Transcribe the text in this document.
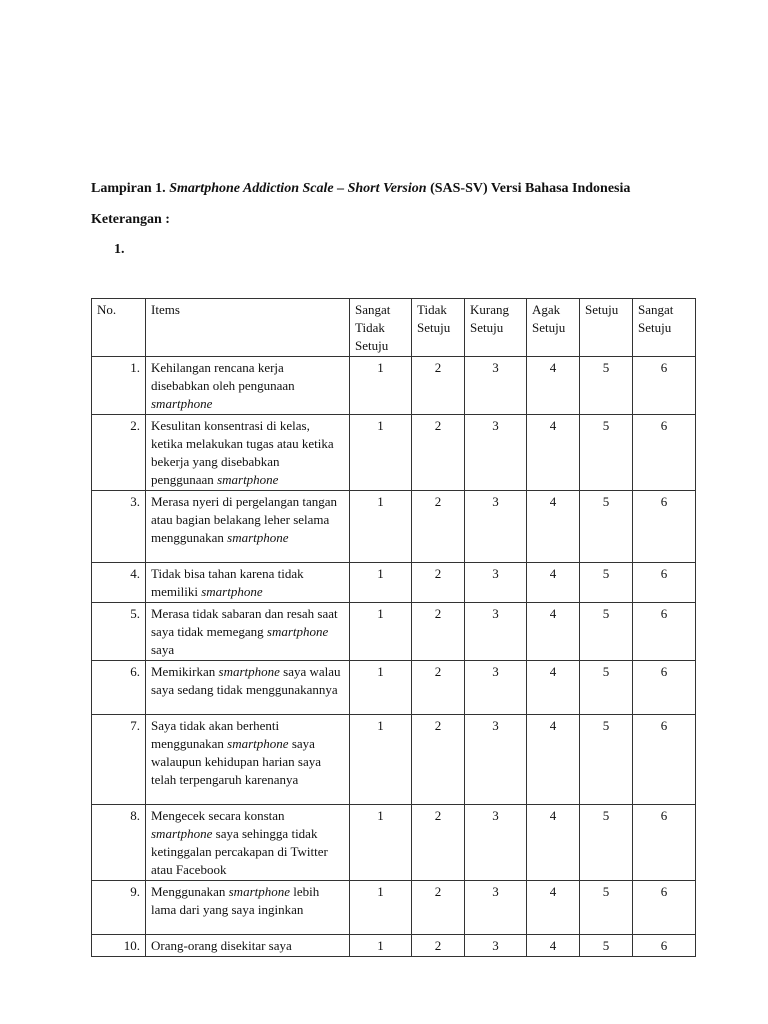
Lampiran 1. Smartphone Addiction Scale – Short Version (SAS-SV) Versi Bahasa Indonesia
Keterangan :
1.
No.	Items	Sangat Tidak Setuju	Tidak Setuju	Kurang Setuju	Agak Setuju	Setuju	Sangat Setuju
1.	Kehilangan rencana kerja disebabkan oleh pengunaan smartphone	1	2	3	4	5	6
2.	Kesulitan konsentrasi di kelas, ketika melakukan tugas atau ketika bekerja yang disebabkan penggunaan smartphone	1	2	3	4	5	6
3.	Merasa nyeri di pergelangan tangan atau bagian belakang leher selama menggunakan smartphone	1	2	3	4	5	6
4.	Tidak bisa tahan karena tidak memiliki smartphone	1	2	3	4	5	6
5.	Merasa tidak sabaran dan resah saat saya tidak memegang smartphone saya	1	2	3	4	5	6
6.	Memikirkan smartphone saya walau saya sedang tidak menggunakannya	1	2	3	4	5	6
7.	Saya tidak akan berhenti menggunakan smartphone saya walaupun kehidupan harian saya telah terpengaruh karenanya	1	2	3	4	5	6
8.	Mengecek secara konstan smartphone saya sehingga tidak ketinggalan percakapan di Twitter atau Facebook	1	2	3	4	5	6
9.	Menggunakan smartphone lebih lama dari yang saya inginkan	1	2	3	4	5	6
10.	Orang-orang disekitar saya	1	2	3	4	5	6
